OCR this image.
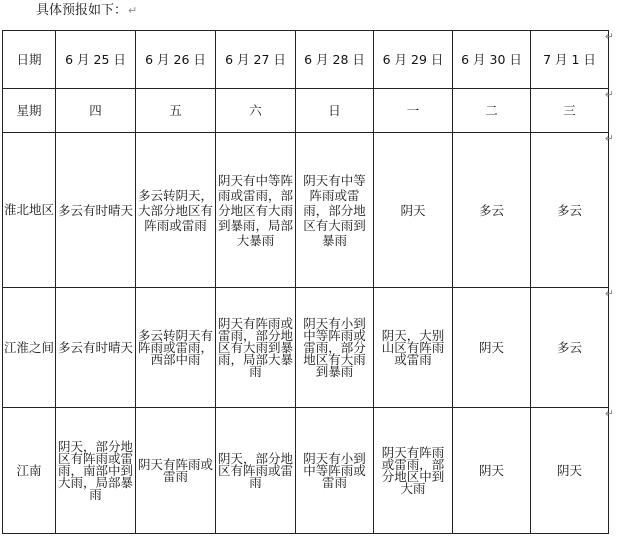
具体预报如下：↵
日期	6 月 25 日	6 月 26 日	6 月 27 日	6 月 28 日	6 月 29 日	6 月 30 日	7 月 1 日
星期	四	五	六	日	一	二	三
淮北地区	多云有时晴天	多云转阴天，大部分地区有阵雨或雷雨	阴天有中等阵雨或雷雨，部分地区有大雨到暴雨，局部大暴雨	阴天有中等阵雨或雷雨，部分地区有大雨到暴雨	阴天	多云	多云
江淮之间	多云有时晴天	多云转阴天有阵雨或雷雨，西部中雨	阴天有阵雨或雷雨，部分地区有大雨到暴雨，局部大暴雨	阴天有小到中等阵雨或雷雨，部分地区有大雨到暴雨	阴天，大别山区有阵雨或雷雨	阴天	多云
江南	阴天，部分地区有阵雨或雷雨，南部中到大雨，局部暴雨	阴天有阵雨或雷雨	阴天，部分地区有阵雨或雷雨	阴天有小到中等阵雨或雷雨	阴天有阵雨或雷雨，部分地区中到大雨	阴天	阴天
↵
↵
↵
↵
↵
